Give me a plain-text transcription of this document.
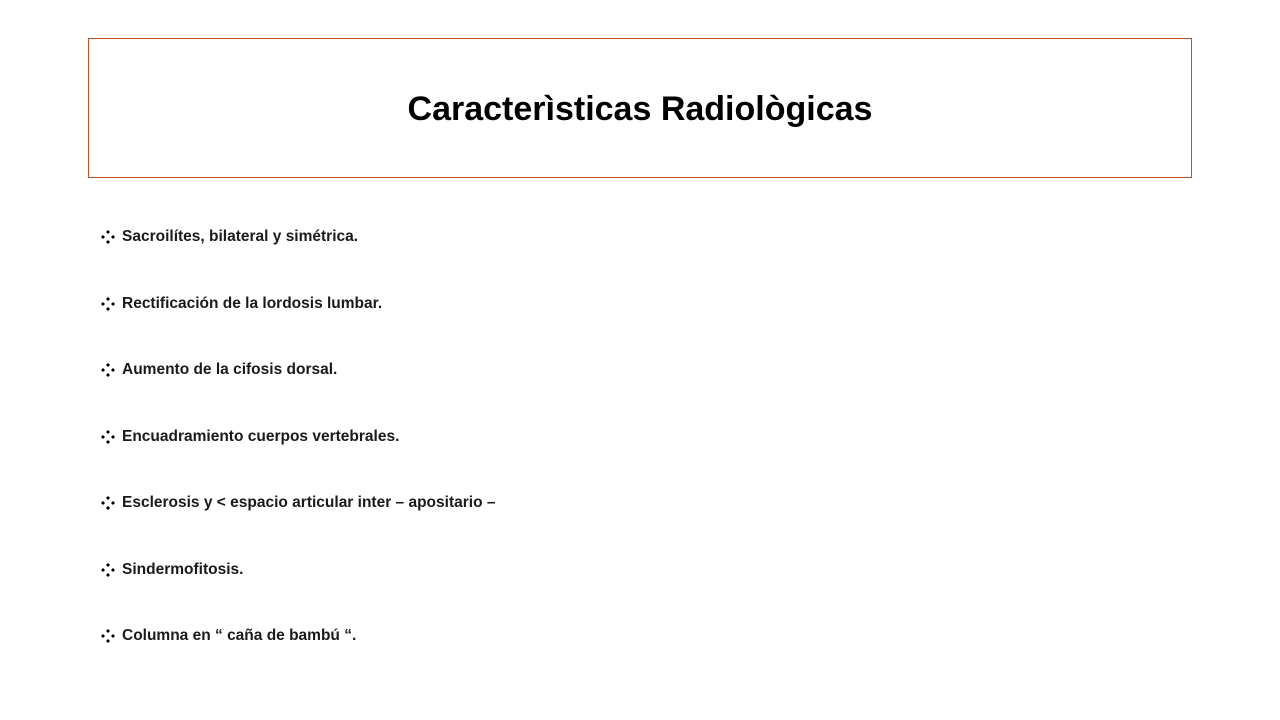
Caracterìsticas Radiològicas
Sacroilítes, bilateral y simétrica.
Rectificación de la lordosis lumbar.
Aumento de la cifosis dorsal.
Encuadramiento cuerpos vertebrales.
Esclerosis y < espacio articular inter – apositario –
Sindermofitosis.
Columna en “ caña de bambú “.
